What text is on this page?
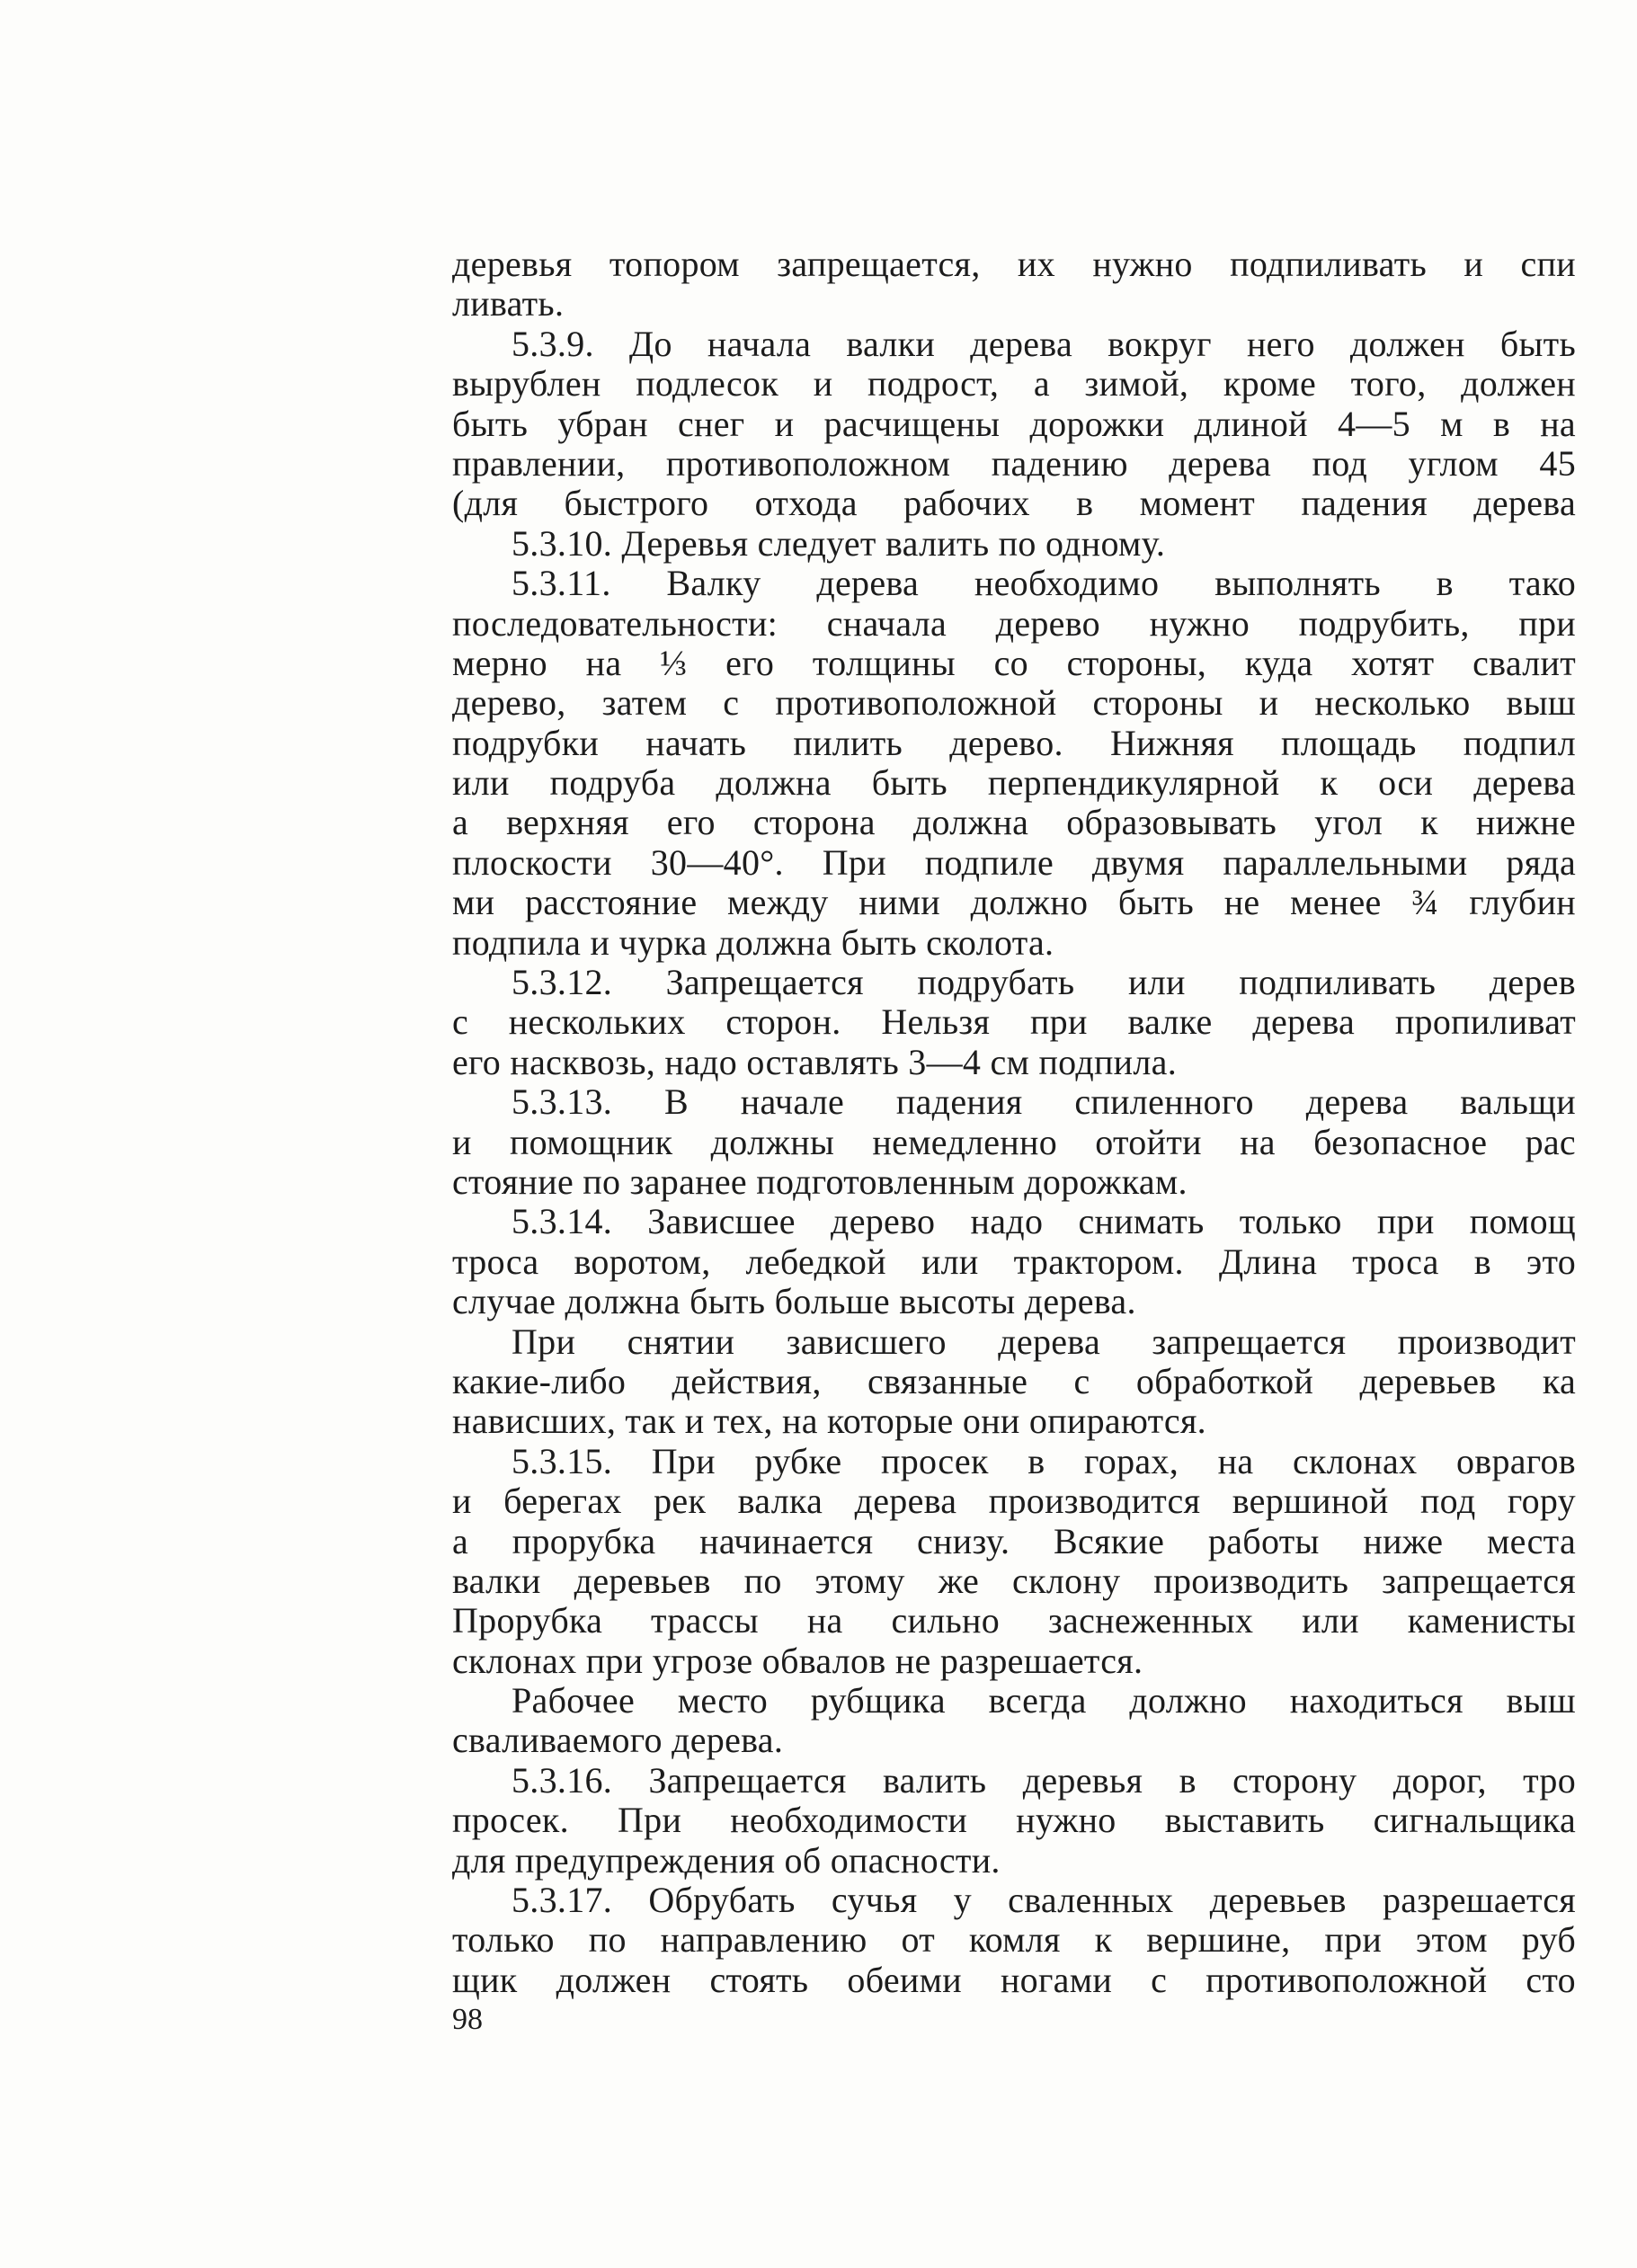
деревья топором запрещается, их нужно подпиливать и спи
ливать.
5.3.9. До начала валки дерева вокруг него должен быть
вырублен подлесок и подрост, а зимой, кроме того, должен
быть убран снег и расчищены дорожки длиной 4—5 м в на
правлении, противоположном падению дерева под углом 45
(для быстрого отхода рабочих в момент падения дерева
5.3.10. Деревья следует валить по одному.
5.3.11. Валку дерева необходимо выполнять в тако
последовательности: сначала дерево нужно подрубить, при
мерно на ⅓ его толщины со стороны, куда хотят свалит
дерево, затем с противоположной стороны и несколько выш
подрубки начать пилить дерево. Нижняя площадь подпил
или подруба должна быть перпендикулярной к оси дерева
а верхняя его сторона должна образовывать угол к нижне
плоскости 30—40°. При подпиле двумя параллельными ряда
ми расстояние между ними должно быть не менее ¾ глубин
подпила и чурка должна быть сколота.
5.3.12. Запрещается подрубать или подпиливать дерев
с нескольких сторон. Нельзя при валке дерева пропиливат
его насквозь, надо оставлять 3—4 см подпила.
5.3.13. В начале падения спиленного дерева вальщи
и помощник должны немедленно отойти на безопасное рас
стояние по заранее подготовленным дорожкам.
5.3.14. Зависшее дерево надо снимать только при помощ
троса воротом, лебедкой или трактором. Длина троса в это
случае должна быть больше высоты дерева.
При снятии зависшего дерева запрещается производит
какие-либо действия, связанные с обработкой деревьев ка
нависших, так и тех, на которые они опираются.
5.3.15. При рубке просек в горах, на склонах оврагов
и берегах рек валка дерева производится вершиной под гору
а прорубка начинается снизу. Всякие работы ниже места
валки деревьев по этому же склону производить запрещается
Прорубка трассы на сильно заснеженных или каменисты
склонах при угрозе обвалов не разрешается.
Рабочее место рубщика всегда должно находиться выш
сваливаемого дерева.
5.3.16. Запрещается валить деревья в сторону дорог, тро
просек. При необходимости нужно выставить сигнальщика
для предупреждения об опасности.
5.3.17. Обрубать сучья у сваленных деревьев разрешается
только по направлению от комля к вершине, при этом руб
щик должен стоять обеими ногами с противоположной сто
98
